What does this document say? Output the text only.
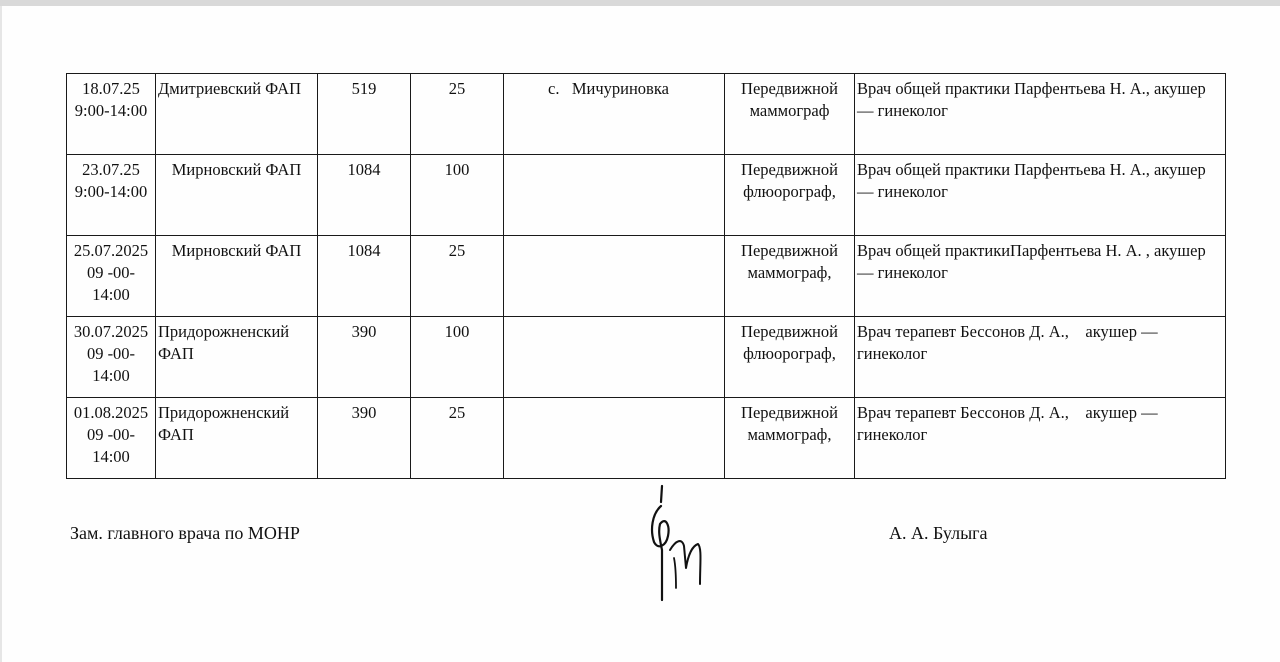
18.07.25
9:00-14:00	Дмитриевский ФАП	519	25	с.   Мичуриновка	Передвижной маммограф	Врач общей практики Парфентьева Н. А., акушер — гинеколог

23.07.25
9:00-14:00	Мирновский ФАП	1084	100		Передвижной флюорограф,	Врач общей практики Парфентьева Н. А., акушер — гинеколог

25.07.2025
09 -00-
14:00	Мирновский ФАП	1084	25		Передвижной маммограф,	Врач общей практикиПарфентьева Н. А. , акушер — гинеколог

30.07.2025
09 -00-
14:00	Придорожненский ФАП	390	100		Передвижной флюорограф,	Врач терапевт Бессонов Д. А.,    акушер — гинеколог

01.08.2025
09 -00-
14:00	Придорожненский ФАП	390	25		Передвижной маммограф,	Врач терапевт Бессонов Д. А.,    акушер — гинеколог
Зам. главного врача по МОНР	А. А. Булыга
